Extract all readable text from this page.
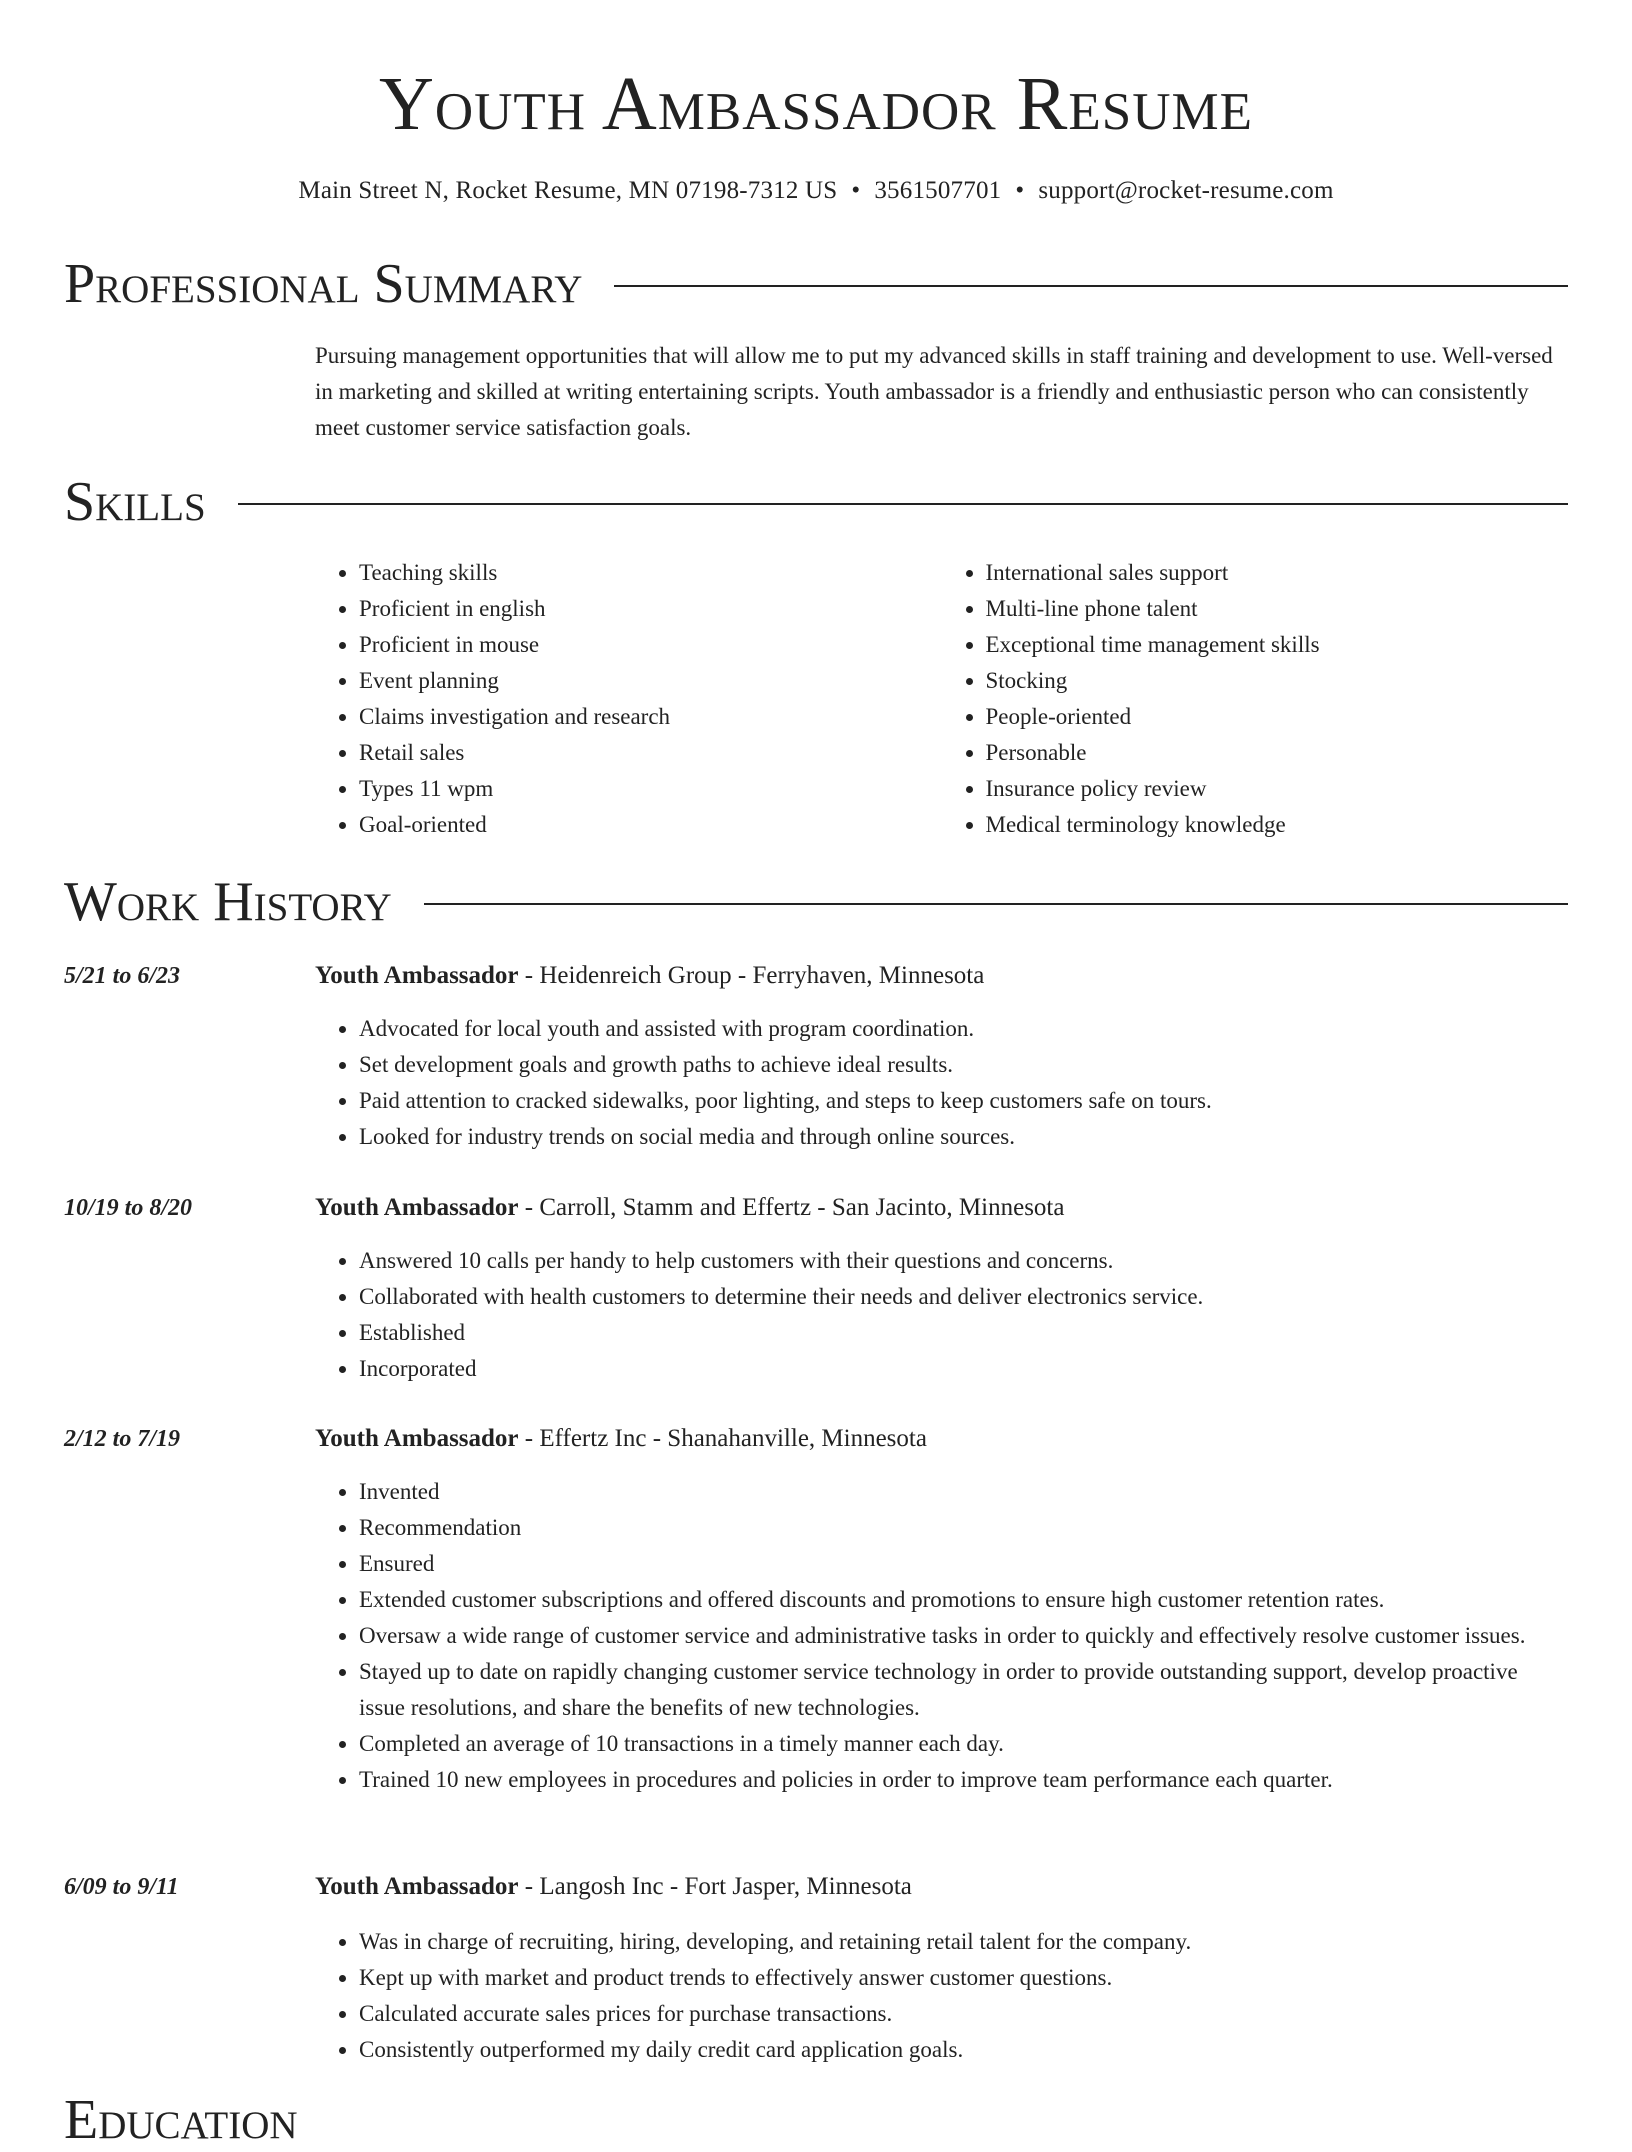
Youth Ambassador Resume
Main Street N, Rocket Resume, MN 07198-7312 US • 3561507701 • support@rocket-resume.com
Professional Summary

Pursuing management opportunities that will allow me to put my advanced skills in staff training and development to use. Well-versed in marketing and skilled at writing entertaining scripts. Youth ambassador is a friendly and enthusiastic person who can consistently meet customer service satisfaction goals.

Skills
• Teaching skills
• Proficient in english
• Proficient in mouse
• Event planning
• Claims investigation and research
• Retail sales
• Types 11 wpm
• Goal-oriented
• International sales support
• Multi-line phone talent
• Exceptional time management skills
• Stocking
• People-oriented
• Personable
• Insurance policy review
• Medical terminology knowledge
Work History
5/21 to 6/23	Youth Ambassador - Heidenreich Group - Ferryhaven, Minnesota
• Advocated for local youth and assisted with program coordination.
• Set development goals and growth paths to achieve ideal results.
• Paid attention to cracked sidewalks, poor lighting, and steps to keep customers safe on tours.
• Looked for industry trends on social media and through online sources.
10/19 to 8/20	Youth Ambassador - Carroll, Stamm and Effertz - San Jacinto, Minnesota
• Answered 10 calls per handy to help customers with their questions and concerns.
• Collaborated with health customers to determine their needs and deliver electronics service.
• Established
• Incorporated
2/12 to 7/19	Youth Ambassador - Effertz Inc - Shanahanville, Minnesota
• Invented
• Recommendation
• Ensured
• Extended customer subscriptions and offered discounts and promotions to ensure high customer retention rates.
• Oversaw a wide range of customer service and administrative tasks in order to quickly and effectively resolve customer issues.
• Stayed up to date on rapidly changing customer service technology in order to provide outstanding support, develop proactive issue resolutions, and share the benefits of new technologies.
• Completed an average of 10 transactions in a timely manner each day.
• Trained 10 new employees in procedures and policies in order to improve team performance each quarter.
6/09 to 9/11	Youth Ambassador - Langosh Inc - Fort Jasper, Minnesota
• Was in charge of recruiting, hiring, developing, and retaining retail talent for the company.
• Kept up with market and product trends to effectively answer customer questions.
• Calculated accurate sales prices for purchase transactions.
• Consistently outperformed my daily credit card application goals.
Education
